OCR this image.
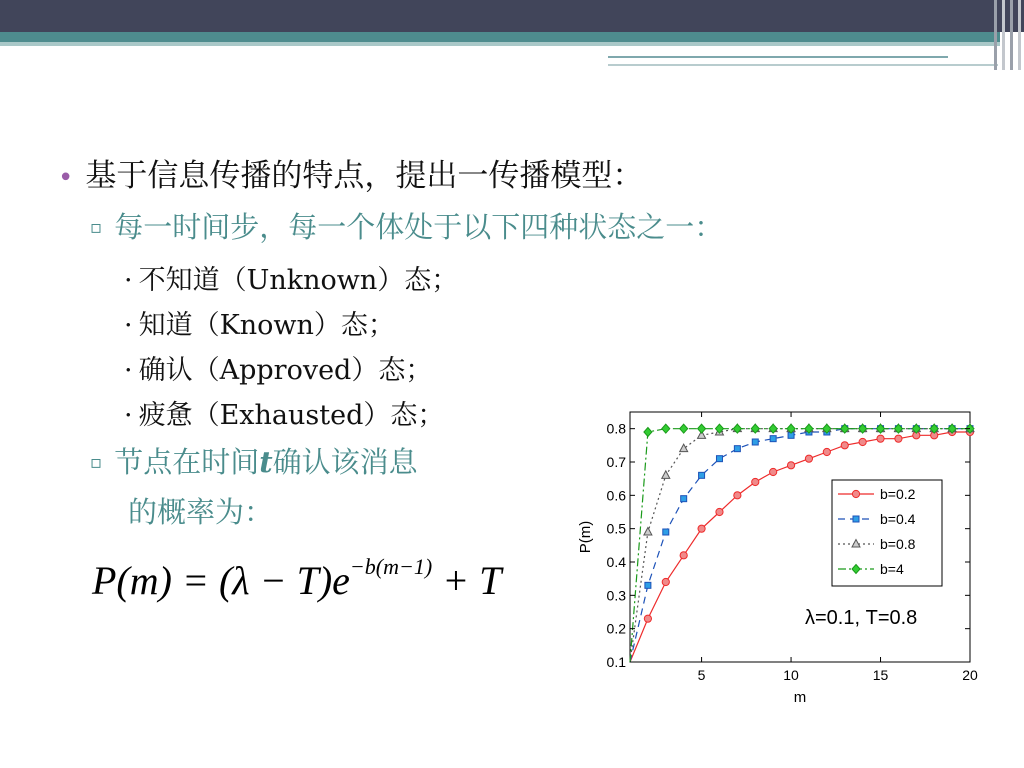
• 基于信息传播的特点，提出一传播模型：
▫ 每一时间步，每一个体处于以下四种状态之一：
· 不知道（Unknown）态；
· 知道（Known）态；
· 确认（Approved）态；
· 疲惫（Exhausted）态；
▫ 节点在时间t确认该消息
的概率为：
$P(m) = (\lambda - T)e^{-b(m-1)} + T$
5	10	15	20
0.1
0.2
0.3
0.4
0.5
0.6
0.7
0.8
m
P(m)
b=0.2
b=0.4
b=0.8
b=4
λ=0.1, T=0.8
